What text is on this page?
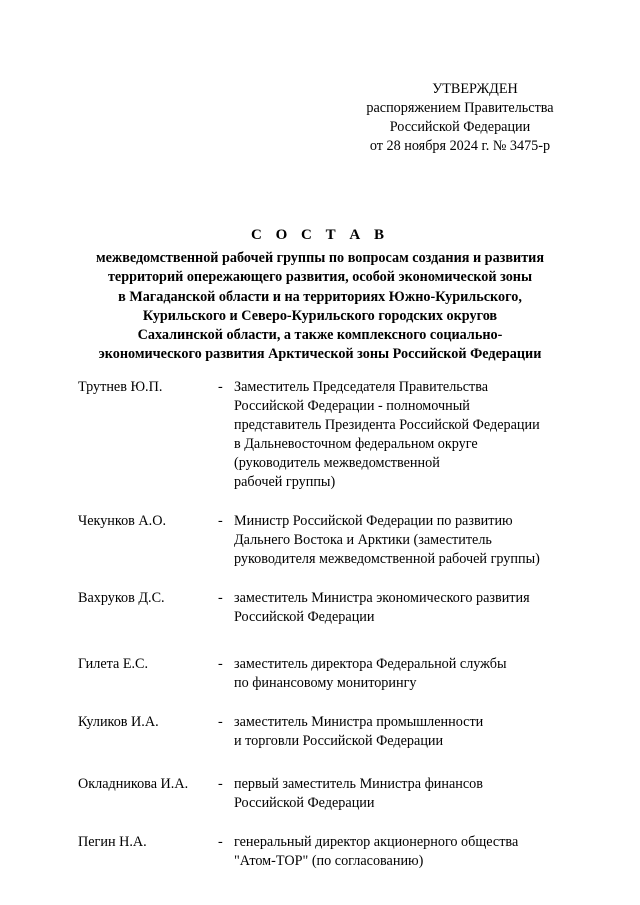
УТВЕРЖДЕН
распоряжением Правительства
Российской Федерации
от 28 ноября 2024 г. № 3475-р
С О С Т А В
межведомственной рабочей группы по вопросам создания и развития
территорий опережающего развития, особой экономической зоны
в Магаданской области и на территориях Южно-Курильского,
Курильского и Северо-Курильского городских округов
Сахалинской области, а также комплексного социально-
экономического развития Арктической зоны Российской Федерации
Трутнев Ю.П.	- Заместитель Председателя Правительства
Российской Федерации - полномочный
представитель Президента Российской Федерации
в Дальневосточном федеральном округе
(руководитель межведомственной
рабочей группы)
Чекунков А.О.	- Министр Российской Федерации по развитию
Дальнего Востока и Арктики (заместитель
руководителя межведомственной рабочей группы)
Вахруков Д.С.	- заместитель Министра экономического развития
Российской Федерации
Гилета Е.С.	- заместитель директора Федеральной службы
по финансовому мониторингу
Куликов И.А.	- заместитель Министра промышленности
и торговли Российской Федерации
Окладникова И.А.	- первый заместитель Министра финансов
Российской Федерации
Пегин Н.А.	- генеральный директор акционерного общества
"Атом-ТОР" (по согласованию)
